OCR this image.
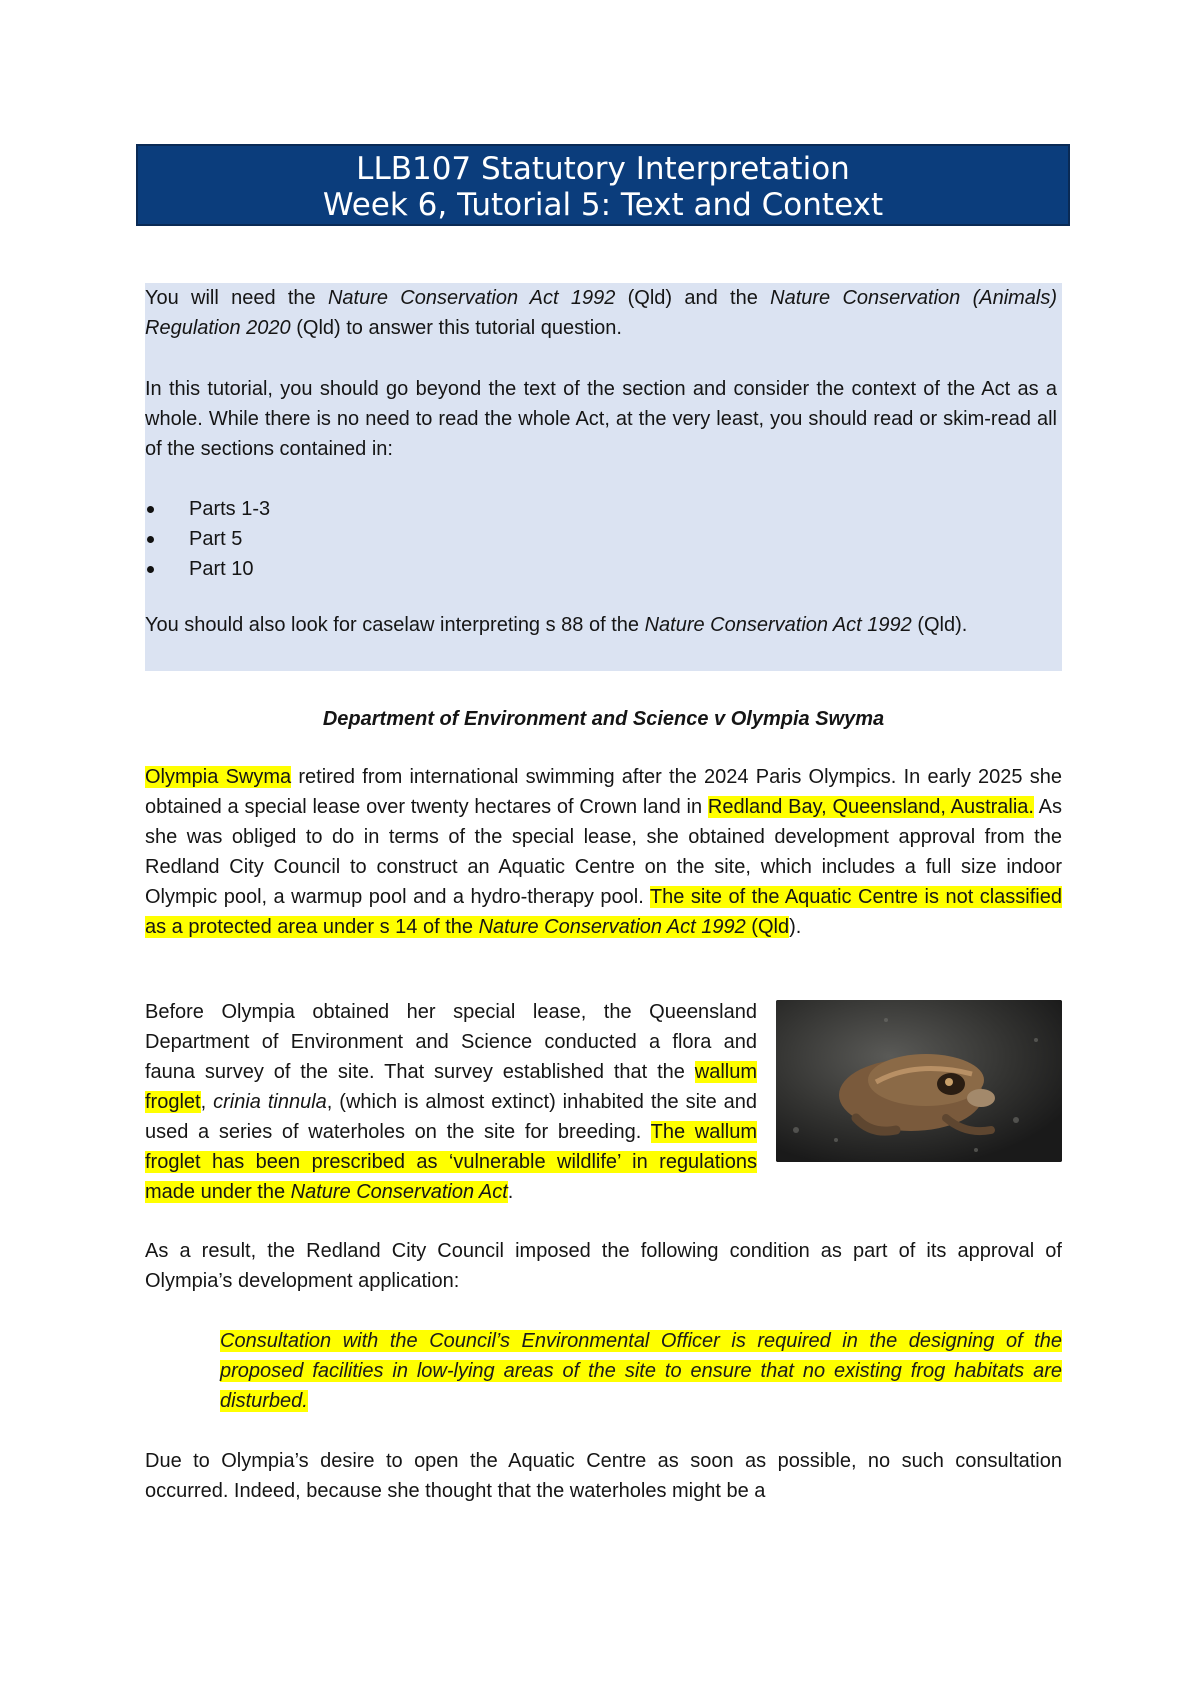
LLB107 Statutory Interpretation
Week 6, Tutorial 5: Text and Context

You will need the Nature Conservation Act 1992 (Qld) and the Nature Conservation (Animals) Regulation 2020 (Qld) to answer this tutorial question.

In this tutorial, you should go beyond the text of the section and consider the context of the Act as a whole. While there is no need to read the whole Act, at the very least, you should read or skim-read all of the sections contained in:

Parts 1-3
Part 5
Part 10

You should also look for caselaw interpreting s 88 of the Nature Conservation Act 1992 (Qld).

Department of Environment and Science v Olympia Swyma

Olympia Swyma retired from international swimming after the 2024 Paris Olympics. In early 2025 she obtained a special lease over twenty hectares of Crown land in Redland Bay, Queensland, Australia. As she was obliged to do in terms of the special lease, she obtained development approval from the Redland City Council to construct an Aquatic Centre on the site, which includes a full size indoor Olympic pool, a warmup pool and a hydro-therapy pool. The site of the Aquatic Centre is not classified as a protected area under s 14 of the Nature Conservation Act 1992 (Qld).

Before Olympia obtained her special lease, the Queensland Department of Environment and Science conducted a flora and fauna survey of the site. That survey established that the wallum froglet, crinia tinnula, (which is almost extinct) inhabited the site and used a series of waterholes on the site for breeding. The wallum froglet has been prescribed as ‘vulnerable wildlife’ in regulations made under the Nature Conservation Act.

As a result, the Redland City Council imposed the following condition as part of its approval of Olympia’s development application:

Consultation with the Council’s Environmental Officer is required in the designing of the proposed facilities in low-lying areas of the site to ensure that no existing frog habitats are disturbed.

Due to Olympia’s desire to open the Aquatic Centre as soon as possible, no such consultation occurred. Indeed, because she thought that the waterholes might be a
